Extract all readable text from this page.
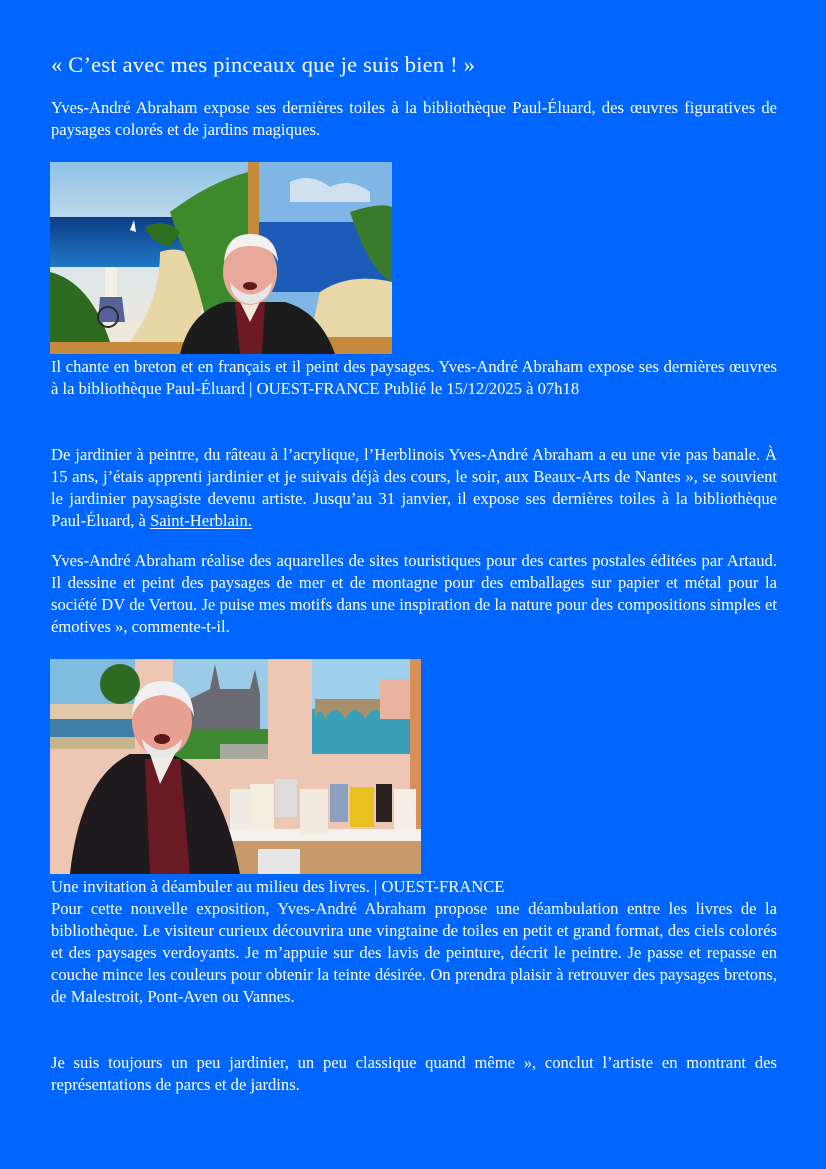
« C’est avec mes pinceaux que je suis bien ! »

Yves-André Abraham expose ses dernières toiles à la bibliothèque Paul-Éluard, des œuvres figuratives de paysages colorés et de jardins magiques.

Il chante en breton et en français et il peint des paysages. Yves-André Abraham expose ses dernières œuvres à la bibliothèque Paul-Éluard | OUEST-FRANCE Publié le 15/12/2025 à 07h18

De jardinier à peintre, du râteau à l’acrylique, l’Herblinois Yves-André Abraham a eu une vie pas banale. À 15 ans, j’étais apprenti jardinier et je suivais déjà des cours, le soir, aux Beaux-Arts de Nantes », se souvient le jardinier paysagiste devenu artiste. Jusqu’au 31 janvier, il expose ses dernières toiles à la bibliothèque Paul-Éluard, à Saint-Herblain.

Yves-André Abraham réalise des aquarelles de sites touristiques pour des cartes postales éditées par Artaud. Il dessine et peint des paysages de mer et de montagne pour des emballages sur papier et métal pour la société DV de Vertou. Je puise mes motifs dans une inspiration de la nature pour des compositions simples et émotives », commente-t-il.

Une invitation à déambuler au milieu des livres. | OUEST-FRANCE

Pour cette nouvelle exposition, Yves-André Abraham propose une déambulation entre les livres de la bibliothèque. Le visiteur curieux découvrira une vingtaine de toiles en petit et grand format, des ciels colorés et des paysages verdoyants. Je m’appuie sur des lavis de peinture, décrit le peintre. Je passe et repasse en couche mince les couleurs pour obtenir la teinte désirée. On prendra plaisir à retrouver des paysages bretons, de Malestroit, Pont-Aven ou Vannes.

Je suis toujours un peu jardinier, un peu classique quand même », conclut l’artiste en montrant des représentations de parcs et de jardins.
